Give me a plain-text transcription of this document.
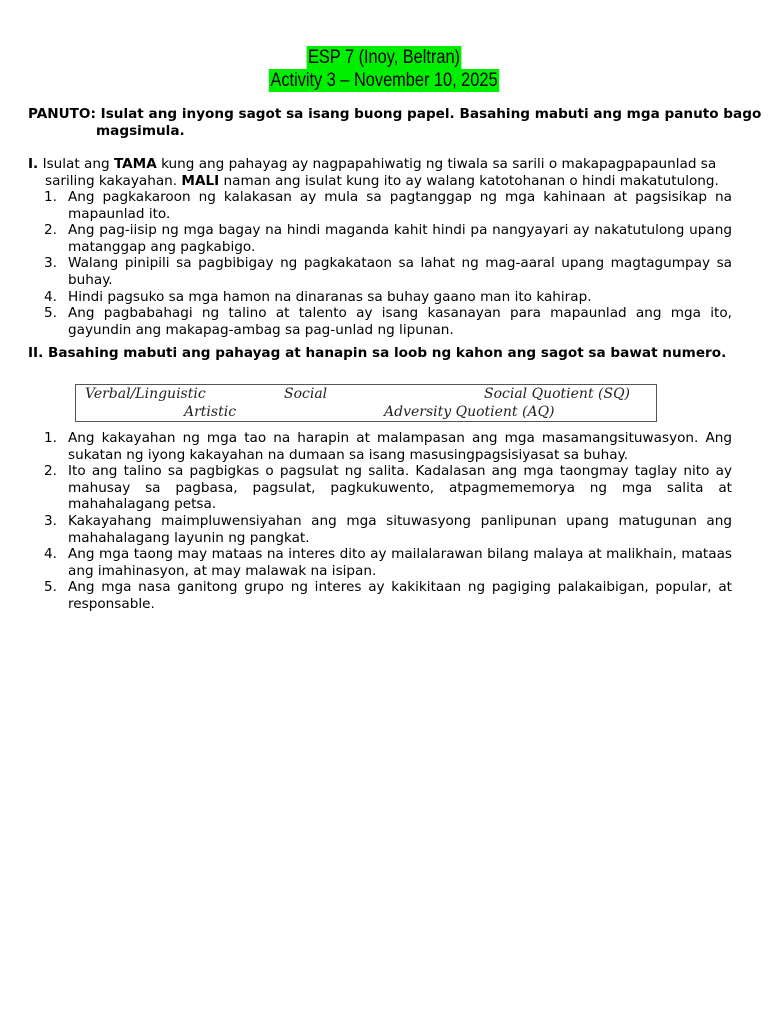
ESP 7 (Inoy, Beltran)
Activity 3 – November 10, 2025
PANUTO: Isulat ang inyong sagot sa isang buong papel. Basahing mabuti ang mga panuto bago magsimula.
I. Isulat ang TAMA kung ang pahayag ay nagpapahiwatig ng tiwala sa sarili o makapagpapaunlad sa sariling kakayahan. MALI naman ang isulat kung ito ay walang katotohanan o hindi makatutulong.
1. Ang pagkakaroon ng kalakasan ay mula sa pagtanggap ng mga kahinaan at pagsisikap na mapaunlad ito.
2. Ang pag-iisip ng mga bagay na hindi maganda kahit hindi pa nangyayari ay nakatutulong upang matanggap ang pagkabigo.
3. Walang pinipili sa pagbibigay ng pagkakataon sa lahat ng mag-aaral upang magtagumpay sa buhay.
4. Hindi pagsuko sa mga hamon na dinaranas sa buhay gaano man ito kahirap.
5. Ang pagbabahagi ng talino at talento ay isang kasanayan para mapaunlad ang mga ito, gayundin ang makapag-ambag sa pag-unlad ng lipunan.
II. Basahing mabuti ang pahayag at hanapin sa loob ng kahon ang sagot sa bawat numero.
Verbal/Linguistic	Social	Social Quotient (SQ)
Artistic	Adversity Quotient (AQ)
1. Ang kakayahan ng mga tao na harapin at malampasan ang mga masamangsituwasyon. Ang sukatan ng iyong kakayahan na dumaan sa isang masusingpagsisiyasat sa buhay.
2. Ito ang talino sa pagbigkas o pagsulat ng salita. Kadalasan ang mga taongmay taglay nito ay mahusay sa pagbasa, pagsulat, pagkukuwento, atpagmememorya ng mga salita at mahahalagang petsa.
3. Kakayahang maimpluwensiyahan ang mga situwasyong panlipunan upang matugunan ang mahahalagang layunin ng pangkat.
4. Ang mga taong may mataas na interes dito ay mailalarawan bilang malaya at malikhain, mataas ang imahinasyon, at may malawak na isipan.
5. Ang mga nasa ganitong grupo ng interes ay kakikitaan ng pagiging palakaibigan, popular, at responsable.
